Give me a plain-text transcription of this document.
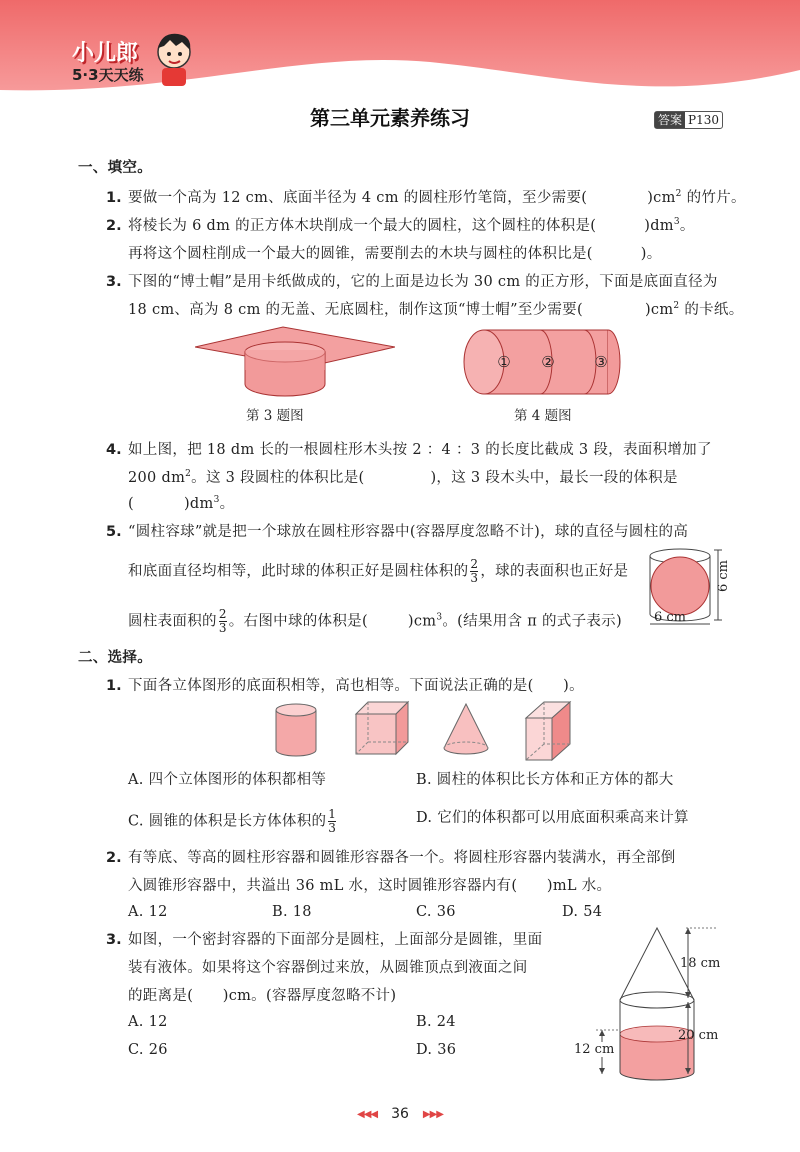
小儿郎
5·3天天练
第三单元素养练习	答案 P130
一、填空。
1. 要做一个高为 12 cm、底面半径为 4 cm 的圆柱形竹笔筒，至少需要(	)$cm^2$ 的竹片。
2. 将棱长为 6 dm 的正方体木块削成一个最大的圆柱，这个圆柱的体积是(	)$dm^3$。
再将这个圆柱削成一个最大的圆锥，需要削去的木块与圆柱的体积比是(	)。
3. 下图的“博士帽”是用卡纸做成的，它的上面是边长为 30 cm 的正方形，下面是底面直径为
18 cm、高为 8 cm 的无盖、无底圆柱，制作这顶“博士帽”至少需要(	)$cm^2$ 的卡纸。
第 3 题图
① ②	③
第 4 题图
4. 如上图，把 18 dm 长的一根圆柱形木头按 2 ：4 ：3 的长度比截成 3 段，表面积增加了
200 $dm^2$。这 3 段圆柱的体积比是(	)，这 3 段木头中，最长一段的体积是
(	)$dm^3$。
5. “圆柱容球”就是把一个球放在圆柱形容器中(容器厚度忽略不计)，球的直径与圆柱的高
和底面直径均相等，此时球的体积正好是圆柱体积的 $\frac{2}{3}$ ，球的表面积也正好是
圆柱表面积的 $\frac{2}{3}$ 。右图中球的体积是(	)$cm^3$。(结果用含 π 的式子表示)
6 cm
6 cm
二、选择。
1. 下面各立体图形的底面积相等，高也相等。下面说法正确的是(　　)。
A. 四个立体图形的体积都相等	B. 圆柱的体积比长方体和正方体的都大
C. 圆锥的体积是长方体体积的 $\frac{1}{3}$	D. 它们的体积都可以用底面积乘高来计算
2. 有等底、等高的圆柱形容器和圆锥形容器各一个。将圆柱形容器内装满水，再全部倒
入圆锥形容器中，共溢出 36 mL 水，这时圆锥形容器内有(　　)mL 水。
A. 12	B. 18	C. 36	D. 54
3. 如图，一个密封容器的下面部分是圆柱，上面部分是圆锥，里面
装有液体。如果将这个容器倒过来放，从圆锥顶点到液面之间
的距离是(　　)cm。(容器厚度忽略不计)
A. 12	B. 24
C. 26	D. 36
18 cm
20 cm
12 cm
◀◀◀ 36 ▶▶▶
